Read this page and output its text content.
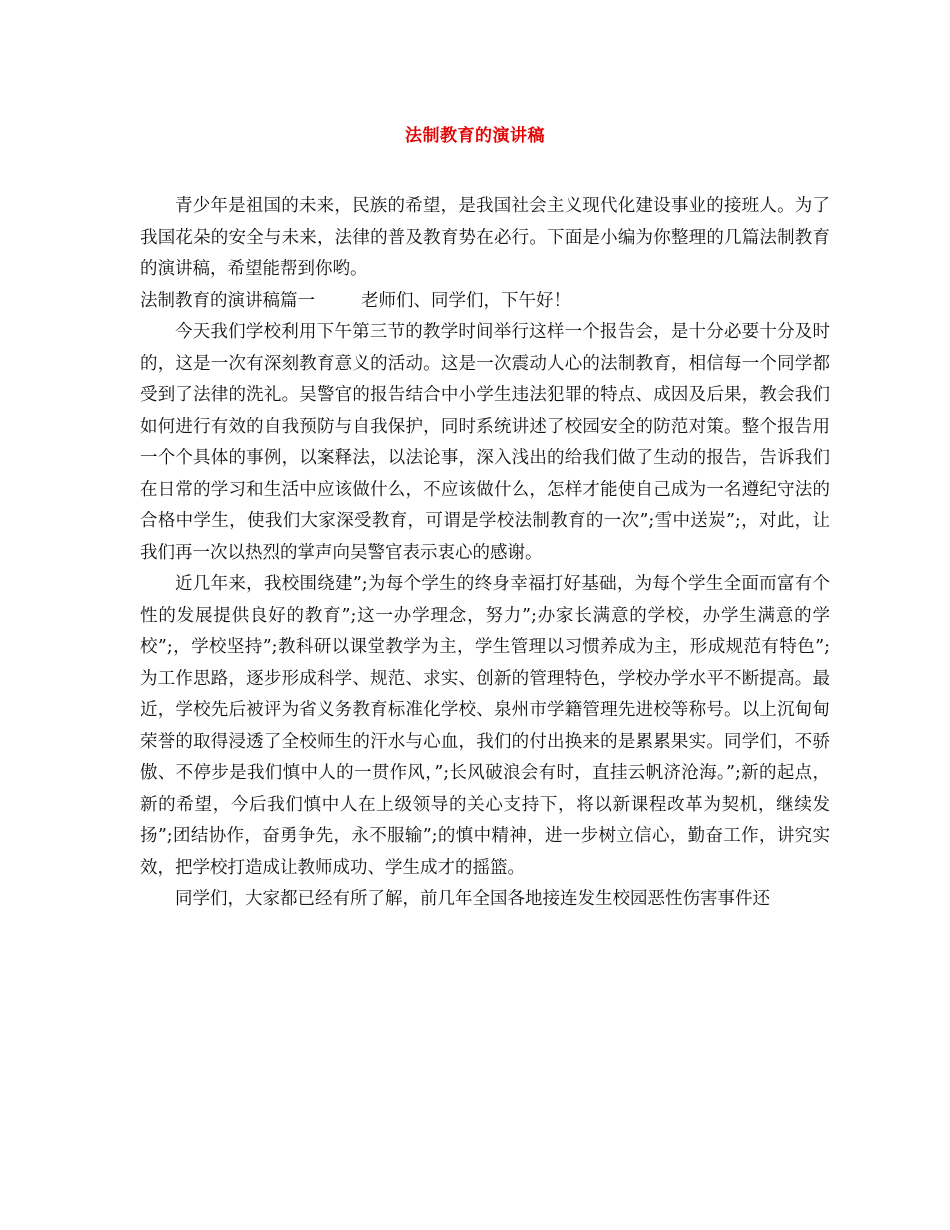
法制教育的演讲稿

青少年是祖国的未来，民族的希望，是我国社会主义现代化建设事业的接班人。为了我国花朵的安全与未来，法律的普及教育势在必行。下面是小编为你整理的几篇法制教育的演讲稿，希望能帮到你哟。

法制教育的演讲稿篇一	老师们、同学们，下午好！

今天我们学校利用下午第三节的教学时间举行这样一个报告会，是十分必要十分及时的，这是一次有深刻教育意义的活动。这是一次震动人心的法制教育，相信每一个同学都受到了法律的洗礼。吴警官的报告结合中小学生违法犯罪的特点、成因及后果，教会我们如何进行有效的自我预防与自我保护，同时系统讲述了校园安全的防范对策。整个报告用一个个具体的事例，以案释法，以法论事，深入浅出的给我们做了生动的报告，告诉我们在日常的学习和生活中应该做什么，不应该做什么，怎样才能使自己成为一名遵纪守法的合格中学生，使我们大家深受教育，可谓是学校法制教育的一次”;雪中送炭”;，对此，让我们再一次以热烈的掌声向吴警官表示衷心的感谢。

近几年来，我校围绕建”;为每个学生的终身幸福打好基础，为每个学生全面而富有个性的发展提供良好的教育”;这一办学理念，努力”;办家长满意的学校，办学生满意的学校”;，学校坚持”;教科研以课堂教学为主，学生管理以习惯养成为主，形成规范有特色”;为工作思路，逐步形成科学、规范、求实、创新的管理特色，学校办学水平不断提高。最近，学校先后被评为省义务教育标准化学校、泉州市学籍管理先进校等称号。以上沉甸甸荣誉的取得浸透了全校师生的汗水与心血，我们的付出换来的是累累果实。同学们，不骄傲、不停步是我们慎中人的一贯作风，”;长风破浪会有时，直挂云帆济沧海。”;新的起点，新的希望，今后我们慎中人在上级领导的关心支持下，将以新课程改革为契机，继续发扬”;团结协作，奋勇争先，永不服输”;的慎中精神，进一步树立信心，勤奋工作，讲究实效，把学校打造成让教师成功、学生成才的摇篮。

同学们，大家都已经有所了解，前几年全国各地接连发生校园恶性伤害事件还
